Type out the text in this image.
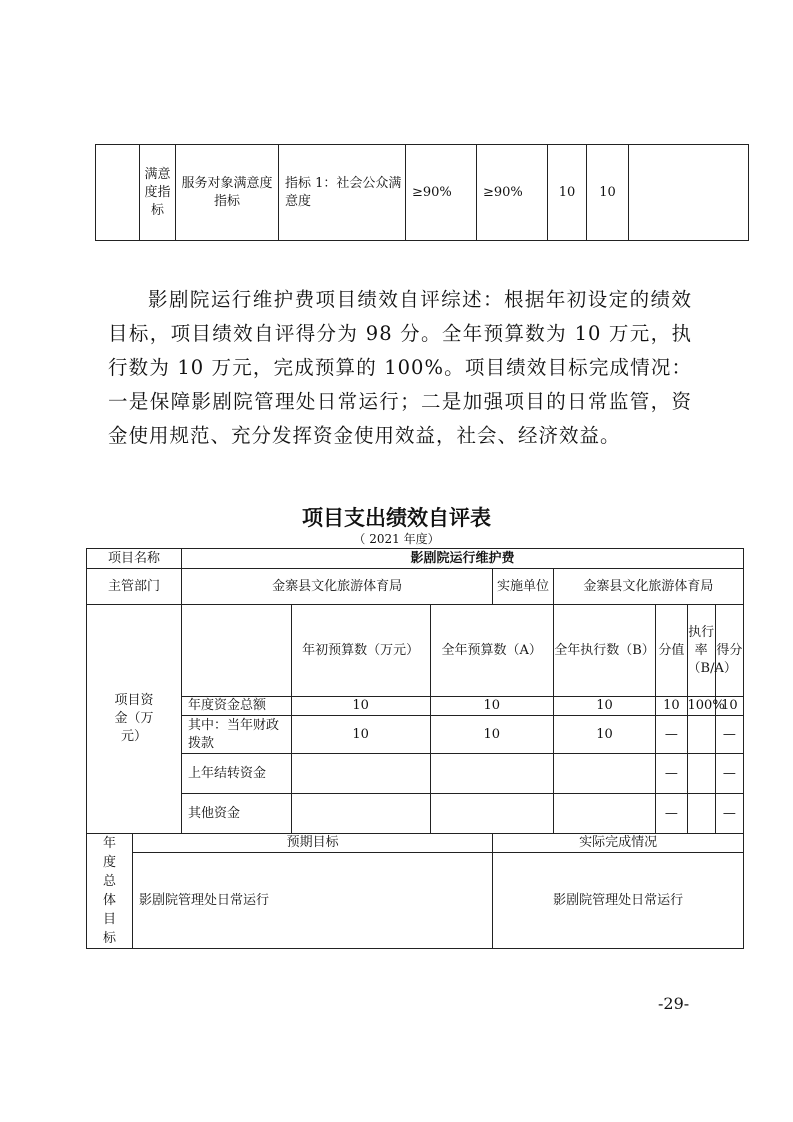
	满意度指标	服务对象满意度指标	指标 1：社会公众满意度	≥90%	≥90%	10	10	

影剧院运行维护费项目绩效自评综述：根据年初设定的绩效目标，项目绩效自评得分为 98 分。全年预算数为 10 万元，执行数为 10 万元，完成预算的 100%。项目绩效目标完成情况：一是保障影剧院管理处日常运行；二是加强项目的日常监管，资金使用规范、充分发挥资金使用效益，社会、经济效益。

项目支出绩效自评表
（ 2021 年度）
项目名称		影剧院运行维护费							
主管部门		金寨县文化旅游体育局			实施单位	金寨县文化旅游体育局			
项目资金（万元）			年初预算数（万元）	全年预算数（A）		全年执行数（B）	分值	执行率（B/A）	得分
		年度资金总额	10	10		10	10	100%	10
		其中：当年财政拨款	10	10		10	—		—
		上年结转资金					—		—
		其他资金					—		—
年度总体目标	预期目标				实际完成情况				
	影剧院管理处日常运行				影剧院管理处日常运行				
-29-
